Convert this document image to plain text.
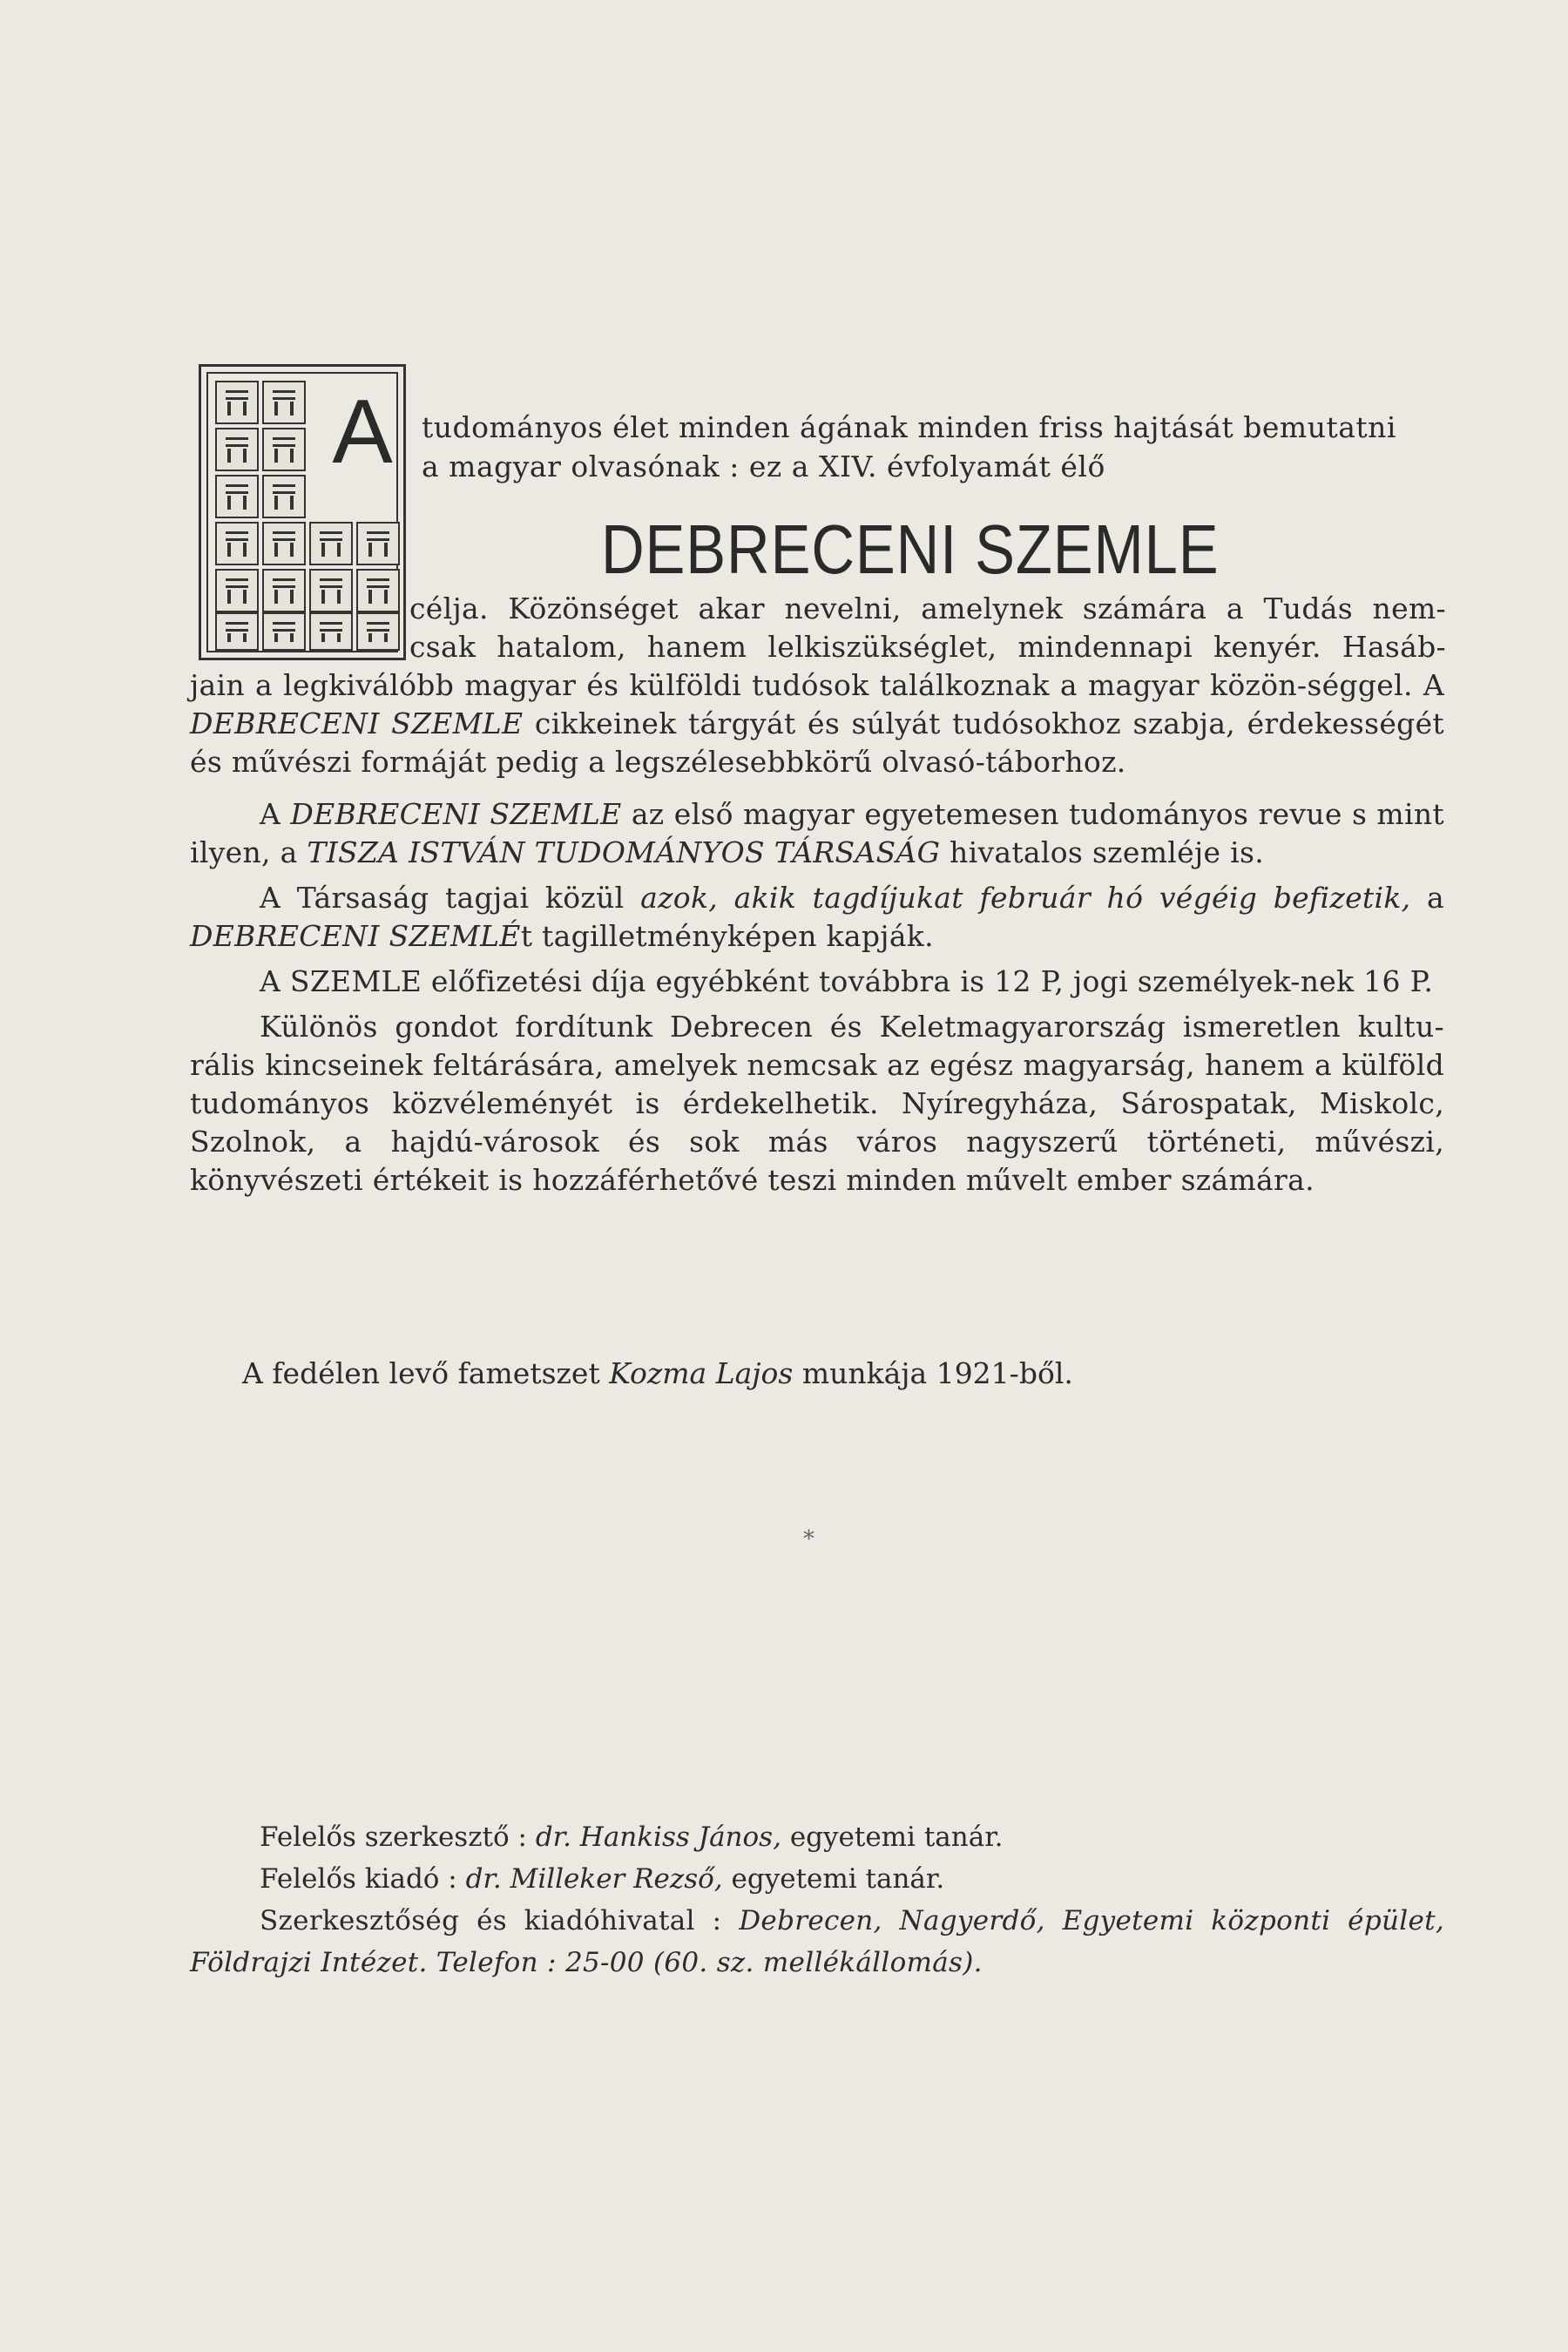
A	tudományos élet minden ágának minden friss hajtását bemutatni
a magyar olvasónak : ez a XIV. évfolyamát élő
DEBRECENI SZEMLE

célja. Közönséget akar nevelni, amelynek számára a Tudás nem-

csak hatalom, hanem lelkiszükséglet, mindennapi kenyér. Hasáb-

jain a legkiválóbb magyar és külföldi tudósok találkoznak a magyar közön-séggel. A DEBRECENI SZEMLE cikkeinek tárgyát és súlyát tudósokhoz szabja, érdekességét és művészi formáját pedig a legszélesebbkörű olvasó-táborhoz.

A DEBRECENI SZEMLE az első magyar egyetemesen tudományos revue s mint ilyen, a TISZA ISTVÁN TUDOMÁNYOS TÁRSASÁG hivatalos szemléje is.

A Társaság tagjai közül azok, akik tagdíjukat február hó végéig befizetik, a DEBRECENI SZEMLÉt tagilletményképen kapják.

A SZEMLE előfizetési díja egyébként továbbra is 12 P, jogi személyek-nek 16 P.

Különös gondot fordítunk Debrecen és Keletmagyarország ismeretlen kultu-rális kincseinek feltárására, amelyek nemcsak az egész magyarság, hanem a külföld tudományos közvéleményét is érdekelhetik. Nyíregyháza, Sárospatak, Miskolc, Szolnok, a hajdú-városok és sok más város nagyszerű történeti, művészi, könyvészeti értékeit is hozzáférhetővé teszi minden művelt ember számára.

A fedélen levő fametszet Kozma Lajos munkája 1921-ből.
*
Felelős szerkesztő : dr. Hankiss János, egyetemi tanár.
Felelős kiadó : dr. Milleker Rezső, egyetemi tanár.

Szerkesztőség és kiadóhivatal : Debrecen, Nagyerdő, Egyetemi központi épület, Földrajzi Intézet. Telefon : 25-00 (60. sz. mellékállomás).
